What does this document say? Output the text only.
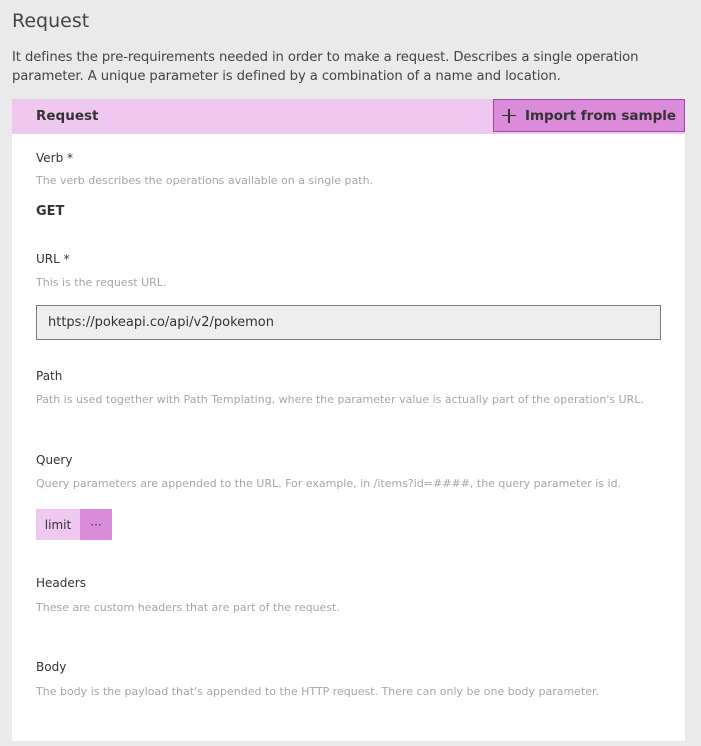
Request

It defines the pre-requirements needed in order to make a request. Describes a single operation parameter. A unique parameter is defined by a combination of a name and location.

Request	Import from sample
Verb *
The verb describes the operations available on a single path.
GET
URL *
This is the request URL.
https://pokeapi.co/api/v2/pokemon
Path
Path is used together with Path Templating, where the parameter value is actually part of the operation's URL.
Query
Query parameters are appended to the URL. For example, in /items?id=####, the query parameter is id.
limit	···
Headers
These are custom headers that are part of the request.
Body
The body is the payload that's appended to the HTTP request. There can only be one body parameter.
